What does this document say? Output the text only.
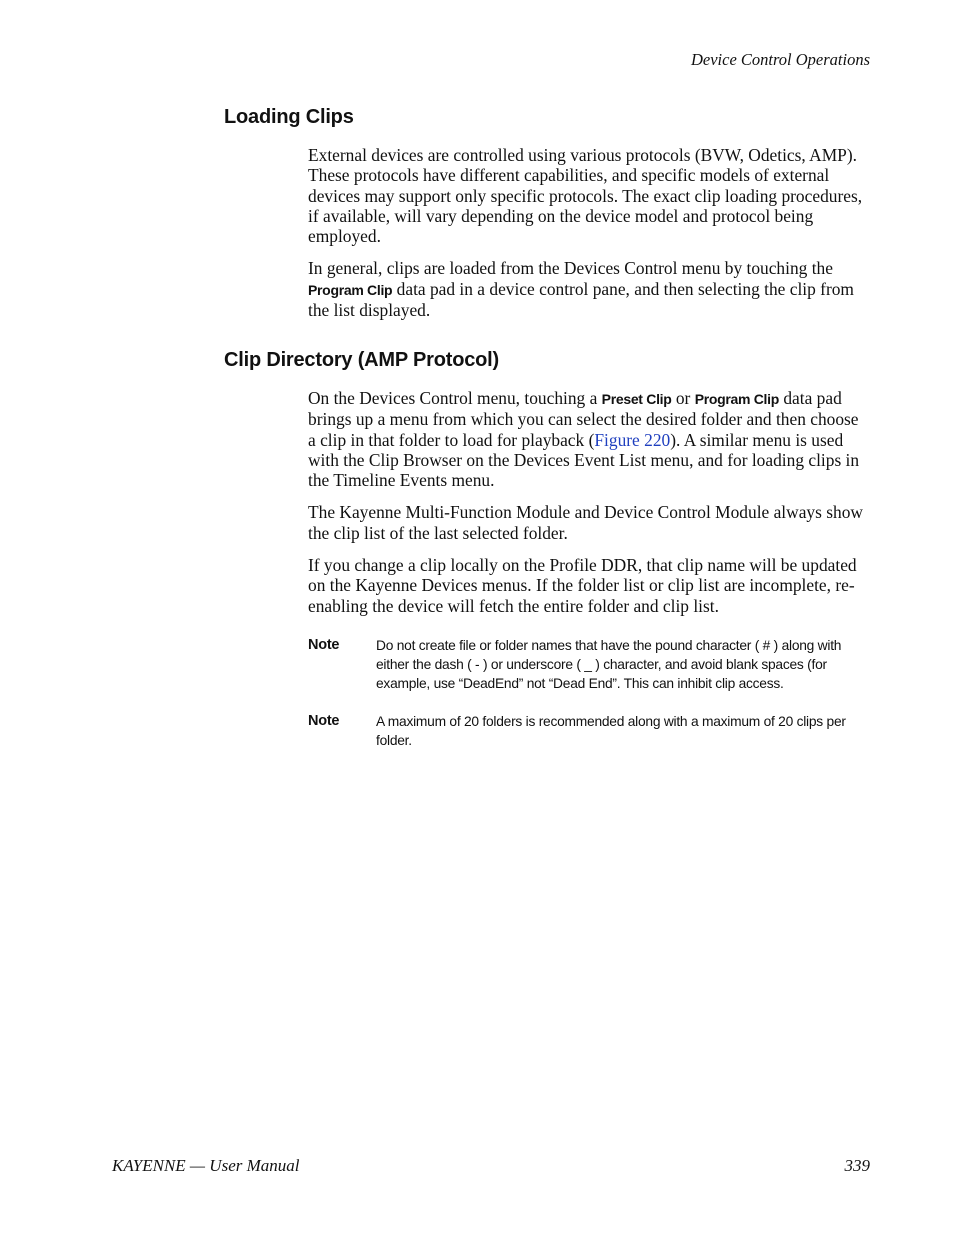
Device Control Operations
Loading Clips

External devices are controlled using various protocols (BVW, Odetics, AMP). These protocols have different capabilities, and specific models of external devices may support only specific protocols. The exact clip loading procedures, if available, will vary depending on the device model and protocol being employed.

In general, clips are loaded from the Devices Control menu by touching the Program Clip data pad in a device control pane, and then selecting the clip from the list displayed.

Clip Directory (AMP Protocol)

On the Devices Control menu, touching a Preset Clip or Program Clip data pad brings up a menu from which you can select the desired folder and then choose a clip in that folder to load for playback (Figure 220). A similar menu is used with the Clip Browser on the Devices Event List menu, and for loading clips in the Timeline Events menu.

The Kayenne Multi-Function Module and Device Control Module always show the clip list of the last selected folder.

If you change a clip locally on the Profile DDR, that clip name will be updated on the Kayenne Devices menus. If the folder list or clip list are incomplete, re-enabling the device will fetch the entire folder and clip list.

Note	Do not create file or folder names that have the pound character ( # ) along with either the dash ( - ) or underscore ( _ ) character, and avoid blank spaces (for example, use “DeadEnd” not “Dead End”. This can inhibit clip access.
Note	A maximum of 20 folders is recommended along with a maximum of 20 clips per folder.
KAYENNE — User Manual	339
